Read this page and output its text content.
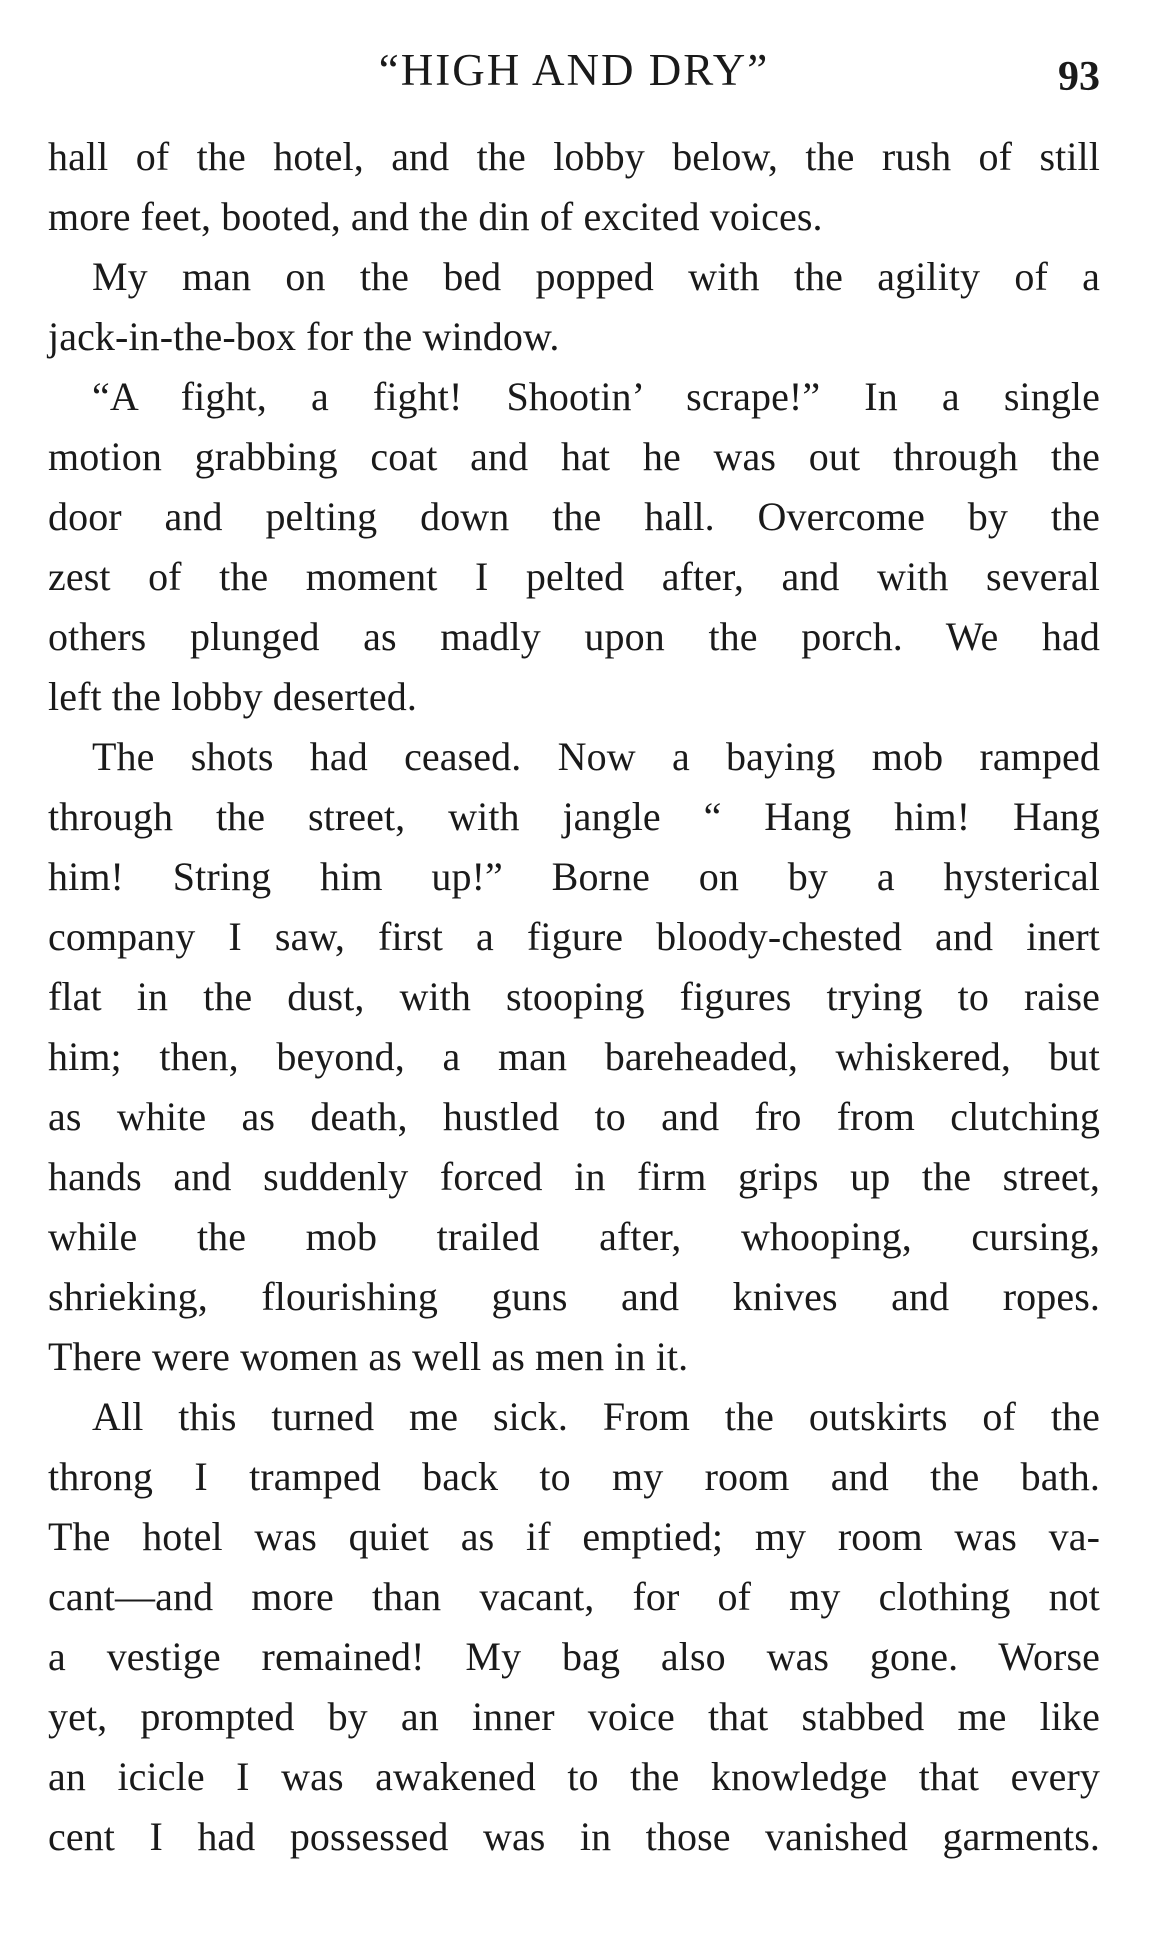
“HIGH AND DRY”	93
hall of the hotel, and the lobby below, the rush of still
more feet, booted, and the din of excited voices.
My man on the bed popped with the agility of a
jack-in-the-box for the window.
“A fight, a fight! Shootin’ scrape!” In a single
motion grabbing coat and hat he was out through the
door and pelting down the hall. Overcome by the
zest of the moment I pelted after, and with several
others plunged as madly upon the porch. We had
left the lobby deserted.
The shots had ceased. Now a baying mob ramped
through the street, with jangle “ Hang him! Hang
him! String him up!” Borne on by a hysterical
company I saw, first a figure bloody-chested and inert
flat in the dust, with stooping figures trying to raise
him; then, beyond, a man bareheaded, whiskered, but
as white as death, hustled to and fro from clutching
hands and suddenly forced in firm grips up the street,
while the mob trailed after, whooping, cursing,
shrieking, flourishing guns and knives and ropes.
There were women as well as men in it.
All this turned me sick. From the outskirts of the
throng I tramped back to my room and the bath.
The hotel was quiet as if emptied; my room was va-
cant—and more than vacant, for of my clothing not
a vestige remained! My bag also was gone. Worse
yet, prompted by an inner voice that stabbed me like
an icicle I was awakened to the knowledge that every
cent I had possessed was in those vanished garments.
